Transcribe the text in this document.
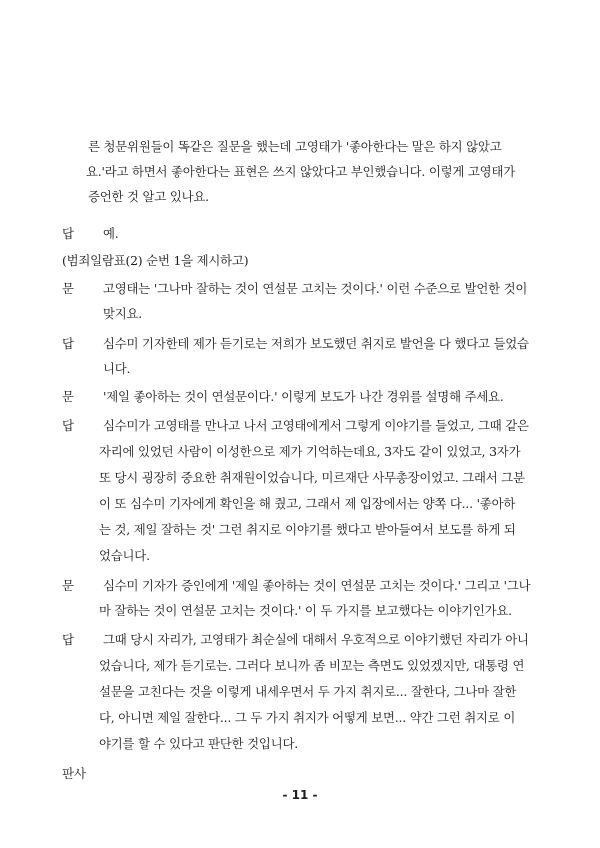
른 청문위원들이 똑같은 질문을 했는데 고영태가 '좋아한다는 말은 하지 않았고
요.'라고 하면서 좋아한다는 표현은 쓰지 않았다고 부인했습니다. 이렇게 고영태가
증언한 것 알고 있나요.
답 예.
(범죄일람표(2) 순번 1을 제시하고)
문 고영태는 '그나마 잘하는 것이 연설문 고치는 것이다.' 이런 수준으로 발언한 것이
맞지요.
답 심수미 기자한테 제가 듣기로는 저희가 보도했던 취지로 발언을 다 했다고 들었습
니다.
문 '제일 좋아하는 것이 연설문이다.' 이렇게 보도가 나간 경위를 설명해 주세요.
답 심수미가 고영태를 만나고 나서 고영태에게서 그렇게 이야기를 들었고, 그때 같은
자리에 있었던 사람이 이성한으로 제가 기억하는데요, 3자도 같이 있었고, 3자가
또 당시 굉장히 중요한 취재원이었습니다, 미르재단 사무총장이었고. 그래서 그분
이 또 심수미 기자에게 확인을 해 줬고, 그래서 제 입장에서는 양쪽 다... '좋아하
는 것, 제일 잘하는 것' 그런 취지로 이야기를 했다고 받아들여서 보도를 하게 되
었습니다.
문 심수미 기자가 증인에게 '제일 좋아하는 것이 연설문 고치는 것이다.' 그리고 '그나
마 잘하는 것이 연설문 고치는 것이다.' 이 두 가지를 보고했다는 이야기인가요.
답 그때 당시 자리가, 고영태가 최순실에 대해서 우호적으로 이야기했던 자리가 아니
었습니다, 제가 듣기로는. 그러다 보니까 좀 비꼬는 측면도 있었겠지만, 대통령 연
설문을 고친다는 것을 이렇게 내세우면서 두 가지 취지로... 잘한다, 그나마 잘한
다, 아니면 제일 잘한다... 그 두 가지 취지가 어떻게 보면... 약간 그런 취지로 이
야기를 할 수 있다고 판단한 것입니다.
판사
- 11 -
